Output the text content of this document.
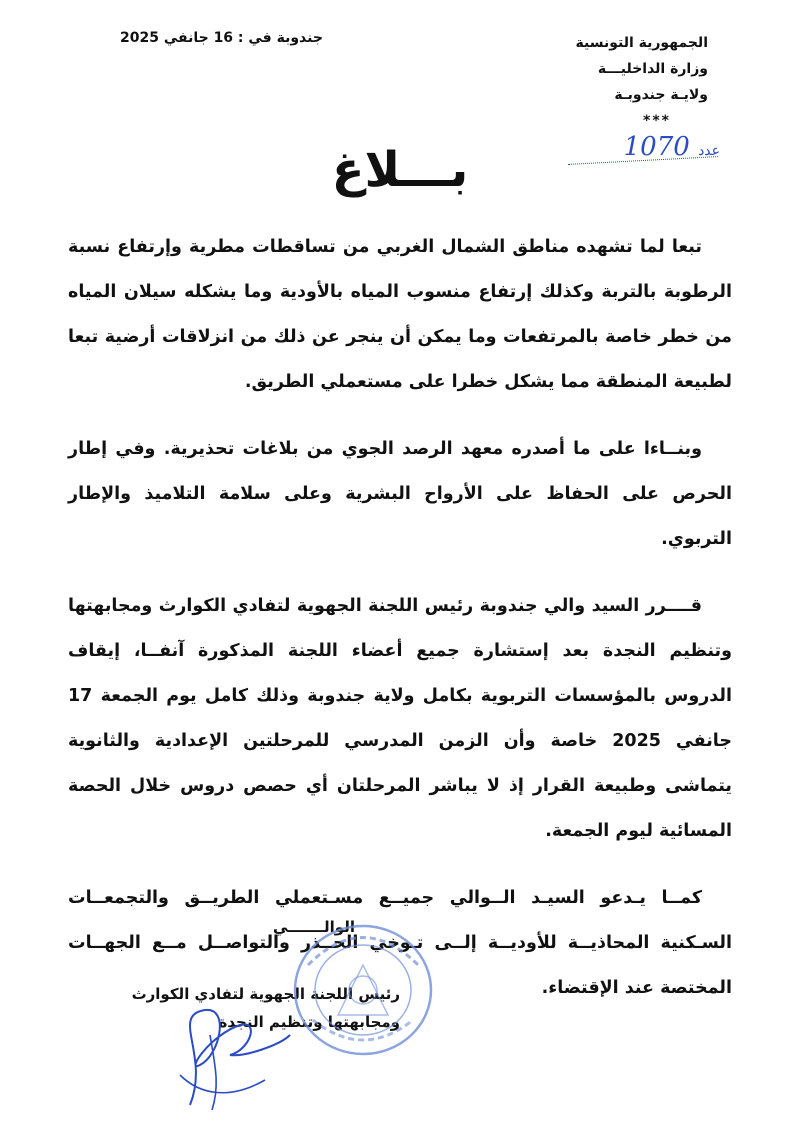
الجمهورية التونسية
وزارة الداخليـــة
ولايـة جندوبـة
***
جندوبة في : 16 جانفي 2025
1070 عدد
بـــلاغ

تبعا لما تشهده مناطق الشمال الغربي من تساقطات مطرية وإرتفاع نسبة الرطوبة بالتربة وكذلك إرتفاع منسوب المياه بالأودية وما يشكله سيلان المياه من خطر خاصة بالمرتفعات وما يمكن أن ينجر عن ذلك من انزلاقات أرضية تبعا لطبيعة المنطقة مما يشكل خطرا على مستعملي الطريق.

وبنــاءا على ما أصدره معهد الرصد الجوي من بلاغات تحذيرية. وفي إطار الحرص على الحفاظ على الأرواح البشرية وعلى سلامة التلاميذ والإطار التربوي.

قــــرر السيد والي جندوبة رئيس اللجنة الجهوية لتفادي الكوارث ومجابهتها وتنظيم النجدة بعد إستشارة جميع أعضاء اللجنة المذكورة آنفــا، إيقاف الدروس بالمؤسسات التربوية بكامل ولاية جندوبة وذلك كامل يوم الجمعة 17 جانفي 2025 خاصة وأن الزمن المدرسي للمرحلتين الإعدادية والثانوية يتماشى وطبيعة القرار إذ لا يباشر المرحلتان أي حصص دروس خلال الحصة المسائية ليوم الجمعة.

كمــا يـدعو السيـد الــوالي جميــع مسـتعملي الطريــق والتجمعــات السـكنية المحاذيــة للأوديــة إلــى تـوخي الحــذر والتواصــل مــع الجهــات المختصة عند الإقتضاء.

الوالـــــــي
رئيس اللجنة الجهوية لتفادي الكوارث
ومجابهتها وتنظيم النجدة
